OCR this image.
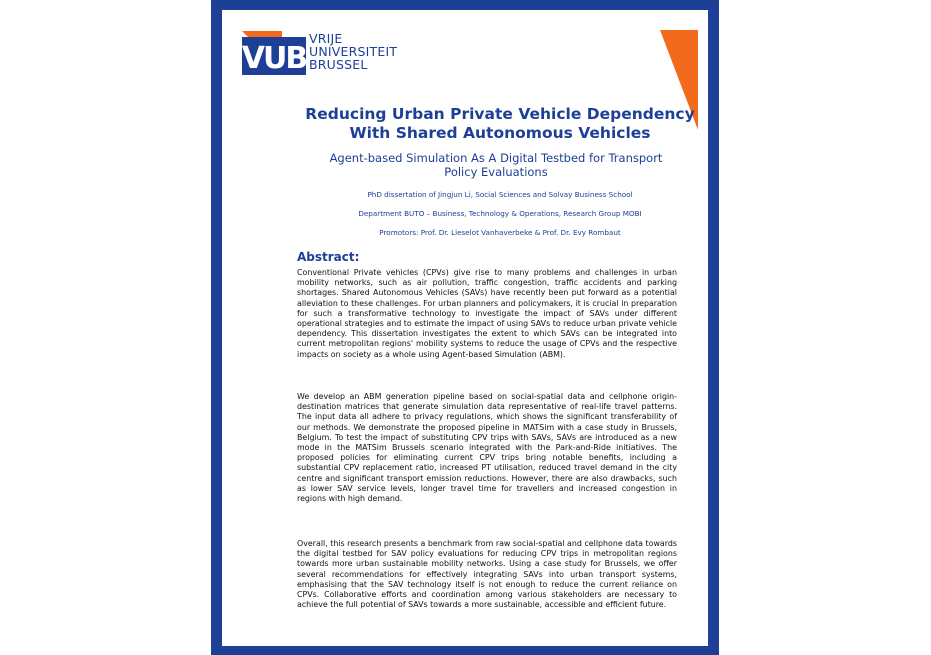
VUB
VRIJE
UNIVERSITEIT
BRUSSEL
Reducing Urban Private Vehicle Dependency
With Shared Autonomous Vehicles
Agent-based Simulation As A Digital Testbed for Transport
Policy Evaluations
PhD dissertation of Jingjun Li, Social Sciences and Solvay Business School
Department BUTO – Business, Technology & Operations, Research Group MOBI
Promotors: Prof. Dr. Lieselot Vanhaverbeke & Prof. Dr. Evy Rombaut
Abstract:

Conventional Private vehicles (CPVs) give rise to many problems and challenges in urban mobility networks, such as air pollution, traffic congestion, traffic accidents and parking shortages. Shared Autonomous Vehicles (SAVs) have recently been put forward as a potential alleviation to these challenges. For urban planners and policymakers, it is crucial in preparation for such a transformative technology to investigate the impact of SAVs under different operational strategies and to estimate the impact of using SAVs to reduce urban private vehicle dependency. This dissertation investigates the extent to which SAVs can be integrated into current metropolitan regions' mobility systems to reduce the usage of CPVs and the respective impacts on society as a whole using Agent-based Simulation (ABM).

We develop an ABM generation pipeline based on social-spatial data and cellphone origin-destination matrices that generate simulation data representative of real-life travel patterns. The input data all adhere to privacy regulations, which shows the significant transferability of our methods. We demonstrate the proposed pipeline in MATSim with a case study in Brussels, Belgium. To test the impact of substituting CPV trips with SAVs, SAVs are introduced as a new mode in the MATSim Brussels scenario integrated with the Park-and-Ride initiatives. The proposed policies for eliminating current CPV trips bring notable benefits, including a substantial CPV replacement ratio, increased PT utilisation, reduced travel demand in the city centre and significant transport emission reductions. However, there are also drawbacks, such as lower SAV service levels, longer travel time for travellers and increased congestion in regions with high demand.

Overall, this research presents a benchmark from raw social-spatial and cellphone data towards the digital testbed for SAV policy evaluations for reducing CPV trips in metropolitan regions towards more urban sustainable mobility networks. Using a case study for Brussels, we offer several recommendations for effectively integrating SAVs into urban transport systems, emphasising that the SAV technology itself is not enough to reduce the current reliance on CPVs. Collaborative efforts and coordination among various stakeholders are necessary to achieve the full potential of SAVs towards a more sustainable, accessible and efficient future.
